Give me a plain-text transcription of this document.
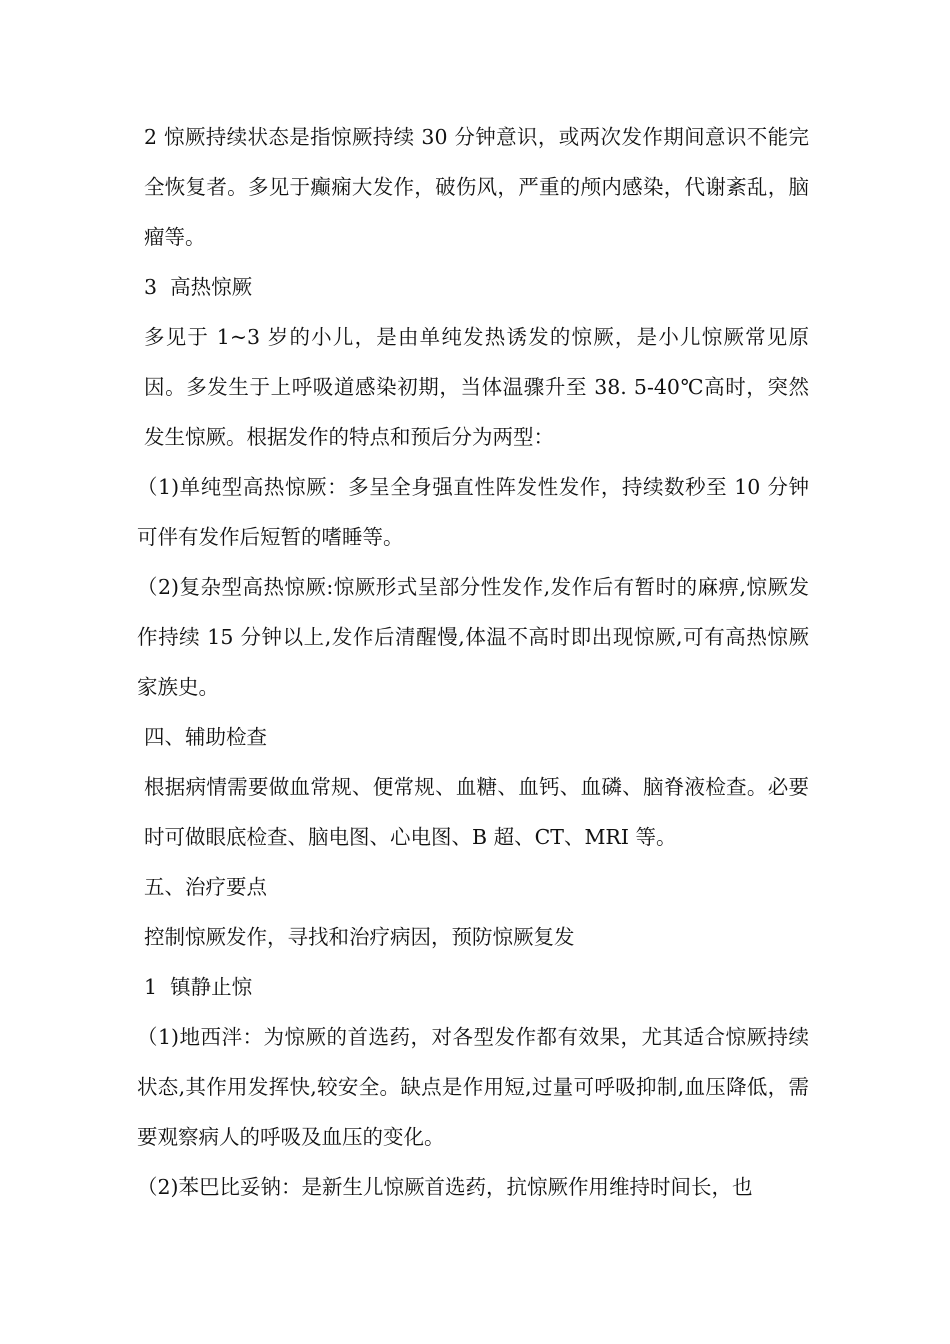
2 惊厥持续状态是指惊厥持续 30 分钟意识，或两次发作期间意识不能完全恢复者。多见于癫痫大发作，破伤风，严重的颅内感染，代谢紊乱，脑瘤等。

3  高热惊厥

多见于 1~3 岁的小儿，是由单纯发热诱发的惊厥，是小儿惊厥常见原因。多发生于上呼吸道感染初期，当体温骤升至 38. 5-40℃高时，突然发生惊厥。根据发作的特点和预后分为两型：

（1)单纯型高热惊厥：多呈全身强直性阵发性发作，持续数秒至 10 分钟可伴有发作后短暂的嗜睡等。

（2)复杂型高热惊厥:惊厥形式呈部分性发作,发作后有暂时的麻痹,惊厥发作持续 15 分钟以上,发作后清醒慢,体温不高时即出现惊厥,可有高热惊厥家族史。

四、辅助检查

根据病情需要做血常规、便常规、血糖、血钙、血磷、脑脊液检查。必要时可做眼底检查、脑电图、心电图、B 超、CT、MRI 等。

五、治疗要点

控制惊厥发作，寻找和治疗病因，预防惊厥复发

1  镇静止惊

（1)地西泮：为惊厥的首选药，对各型发作都有效果，尤其适合惊厥持续状态,其作用发挥快,较安全。缺点是作用短,过量可呼吸抑制,血压降低，需要观察病人的呼吸及血压的变化。

（2)苯巴比妥钠：是新生儿惊厥首选药，抗惊厥作用维持时间长，也
